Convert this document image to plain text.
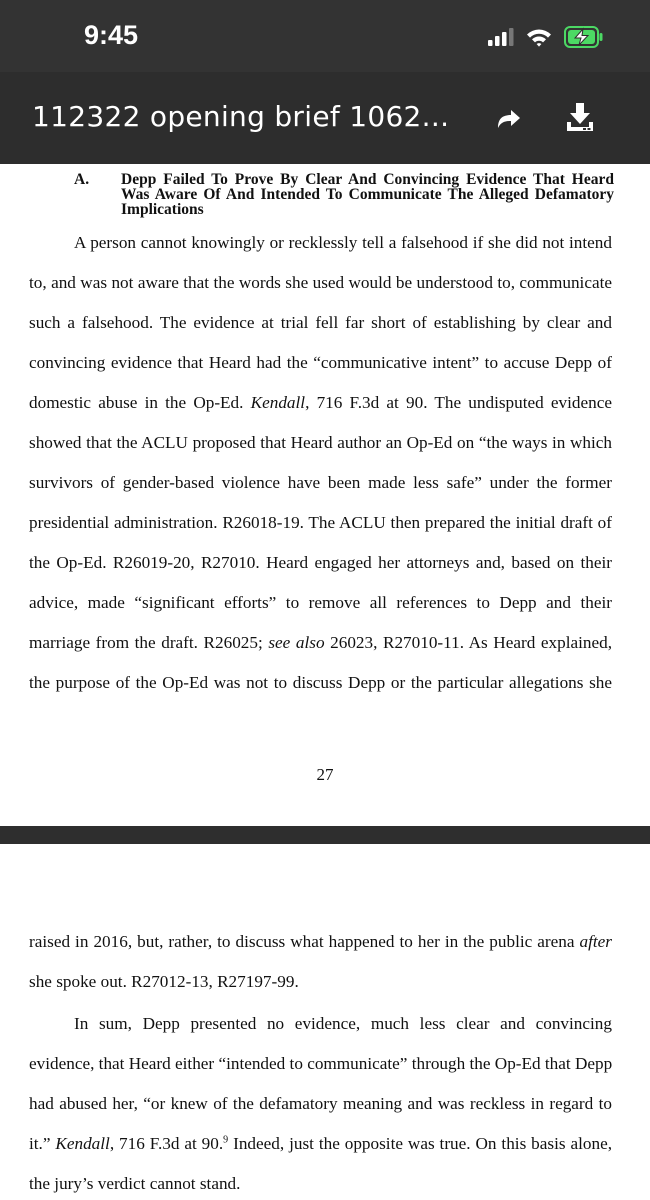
9:45
112322 opening brief 1062...
A. Depp Failed To Prove By Clear And Convincing Evidence That Heard Was Aware Of And Intended To Communicate The Alleged Defamatory Implications
A person cannot knowingly or recklessly tell a falsehood if she did not intend
to, and was not aware that the words she used would be understood to, communicate
such a falsehood. The evidence at trial fell far short of establishing by clear and
convincing evidence that Heard had the “communicative intent” to accuse Depp of
domestic abuse in the Op-Ed. Kendall, 716 F.3d at 90. The undisputed evidence
showed that the ACLU proposed that Heard author an Op-Ed on “the ways in which
survivors of gender-based violence have been made less safe” under the former
presidential administration. R26018-19. The ACLU then prepared the initial draft of
the Op-Ed. R26019-20, R27010. Heard engaged her attorneys and, based on their
advice, made “significant efforts” to remove all references to Depp and their
marriage from the draft. R26025; see also 26023, R27010-11. As Heard explained,
the purpose of the Op-Ed was not to discuss Depp or the particular allegations she
27
raised in 2016, but, rather, to discuss what happened to her in the public arena after
she spoke out. R27012-13, R27197-99.
In sum, Depp presented no evidence, much less clear and convincing
evidence, that Heard either “intended to communicate” through the Op-Ed that Depp
had abused her, “or knew of the defamatory meaning and was reckless in regard to
it.” Kendall, 716 F.3d at 90.$^9$ Indeed, just the opposite was true. On this basis alone,
the jury’s verdict cannot stand.
